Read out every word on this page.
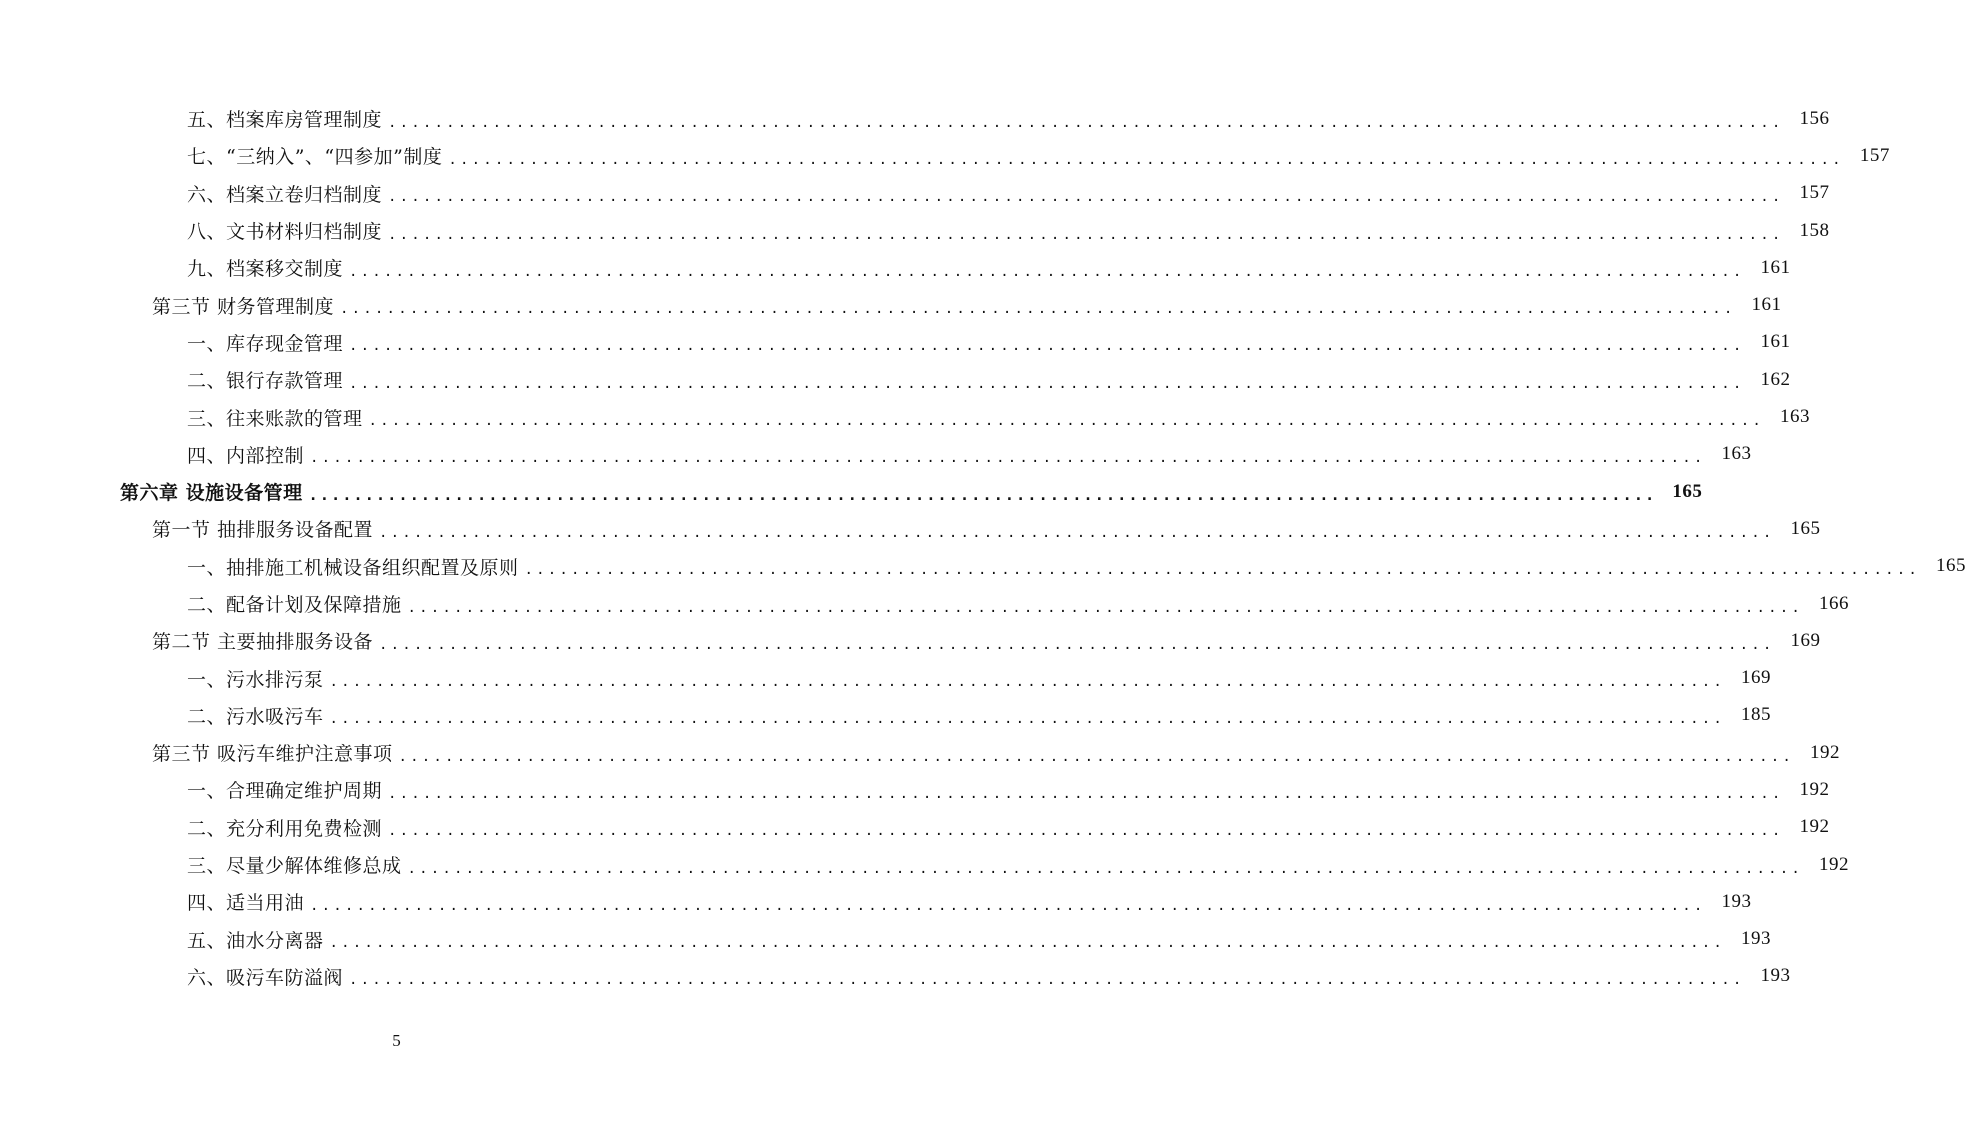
五、档案库房管理制度 ........................................................................................................................ 156
七、“三纳入”、“四参加”制度 ........................................................................................................................ 157
六、档案立卷归档制度 ........................................................................................................................ 157
八、文书材料归档制度 ........................................................................................................................ 158
九、档案移交制度 ........................................................................................................................ 161
第三节 财务管理制度 ........................................................................................................................ 161
一、库存现金管理 ........................................................................................................................ 161
二、银行存款管理 ........................................................................................................................ 162
三、往来账款的管理 ........................................................................................................................ 163
四、内部控制 ........................................................................................................................ 163
第六章 设施设备管理 ........................................................................................................................ 165
第一节 抽排服务设备配置 ........................................................................................................................ 165
一、抽排施工机械设备组织配置及原则 ........................................................................................................................ 165
二、配备计划及保障措施 ........................................................................................................................ 166
第二节 主要抽排服务设备 ........................................................................................................................ 169
一、污水排污泵 ........................................................................................................................ 169
二、污水吸污车 ........................................................................................................................ 185
第三节 吸污车维护注意事项 ........................................................................................................................ 192
一、合理确定维护周期 ........................................................................................................................ 192
二、充分利用免费检测 ........................................................................................................................ 192
三、尽量少解体维修总成 ........................................................................................................................ 192
四、适当用油 ........................................................................................................................ 193
五、油水分离器 ........................................................................................................................ 193
六、吸污车防溢阀 ........................................................................................................................ 193
5
